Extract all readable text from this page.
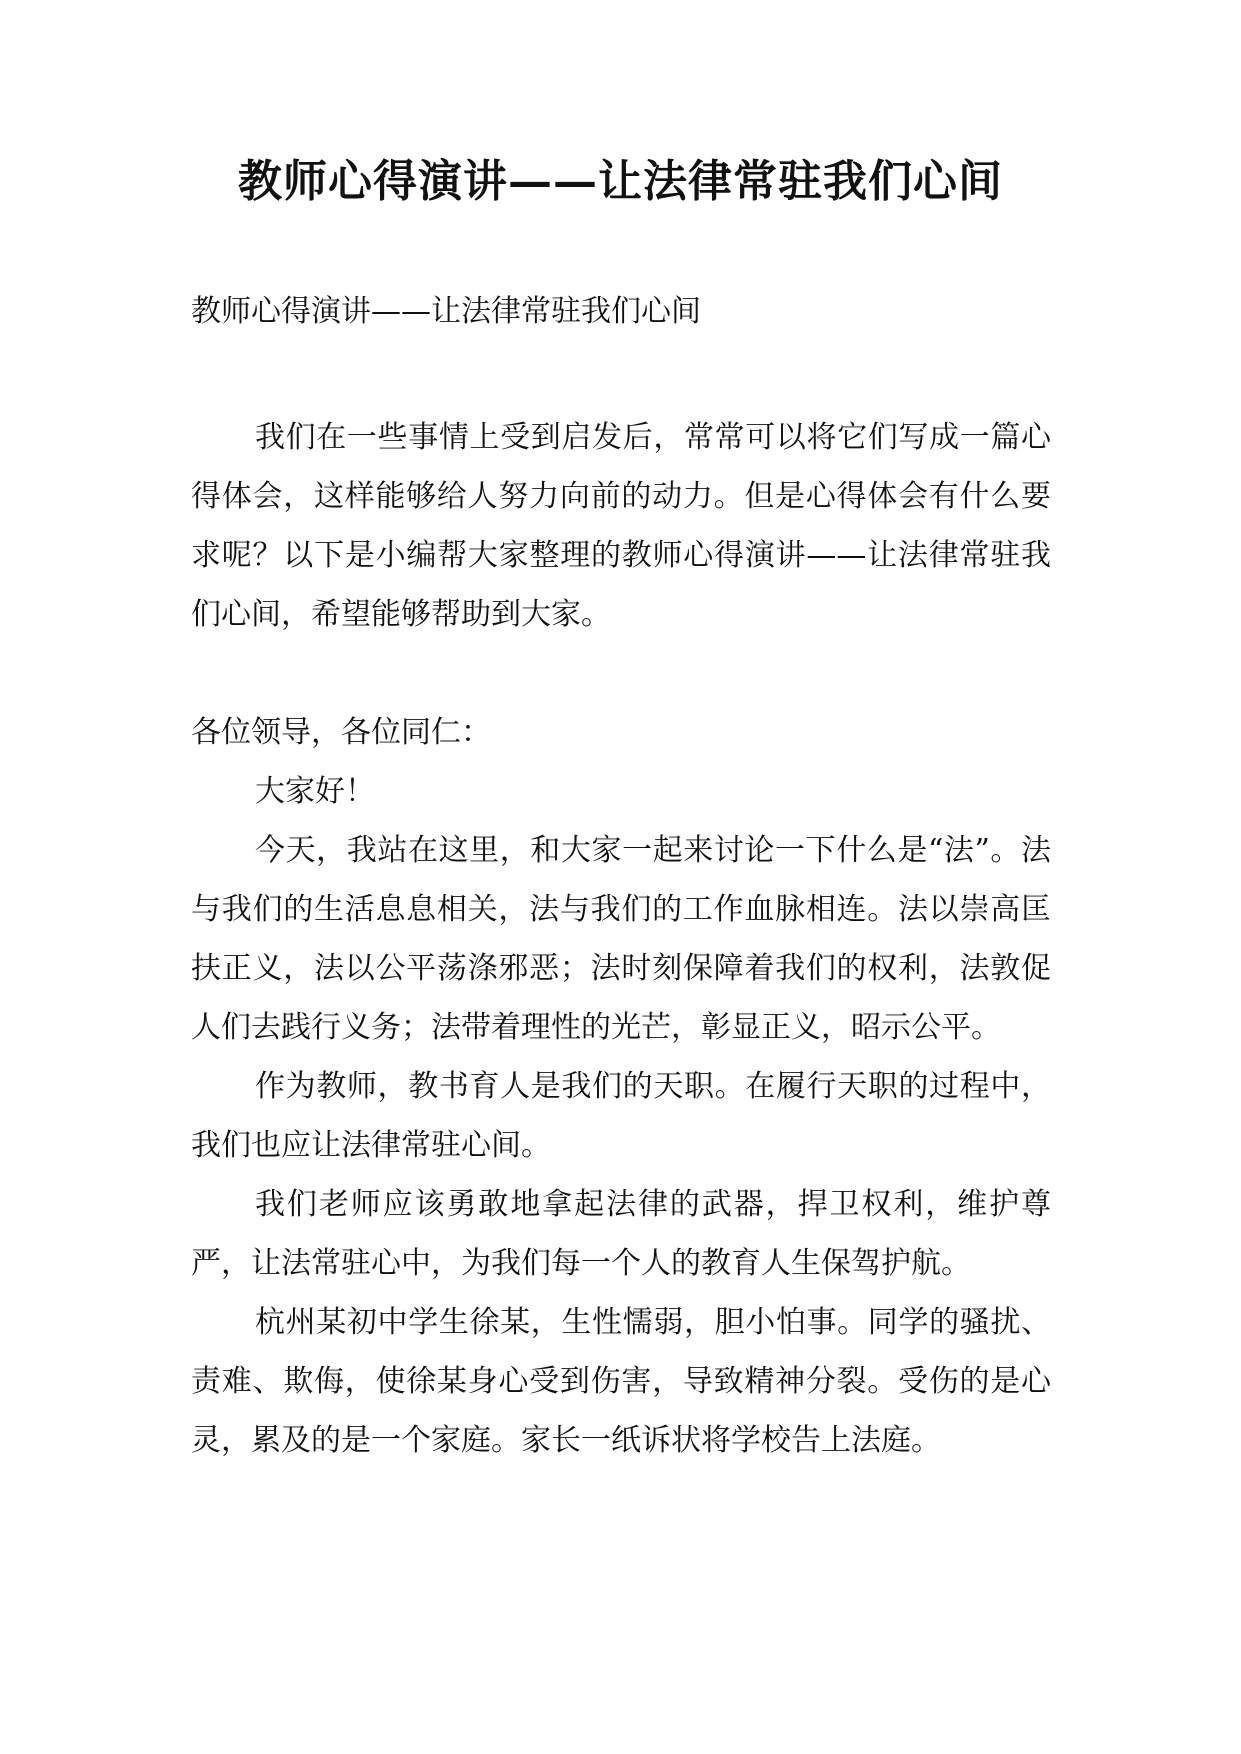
教师心得演讲——让法律常驻我们心间

教师心得演讲——让法律常驻我们心间

我们在一些事情上受到启发后，常常可以将它们写成一篇心得体会，这样能够给人努力向前的动力。但是心得体会有什么要求呢？以下是小编帮大家整理的教师心得演讲——让法律常驻我们心间，希望能够帮助到大家。

各位领导，各位同仁：

大家好！

今天，我站在这里，和大家一起来讨论一下什么是“法”。法与我们的生活息息相关，法与我们的工作血脉相连。法以崇高匡扶正义，法以公平荡涤邪恶；法时刻保障着我们的权利，法敦促人们去践行义务；法带着理性的光芒，彰显正义，昭示公平。

作为教师，教书育人是我们的天职。在履行天职的过程中，我们也应让法律常驻心间。

我们老师应该勇敢地拿起法律的武器，捍卫权利，维护尊严，让法常驻心中，为我们每一个人的教育人生保驾护航。

杭州某初中学生徐某，生性懦弱，胆小怕事。同学的骚扰、责难、欺侮，使徐某身心受到伤害，导致精神分裂。受伤的是心灵，累及的是一个家庭。家长一纸诉状将学校告上法庭。
